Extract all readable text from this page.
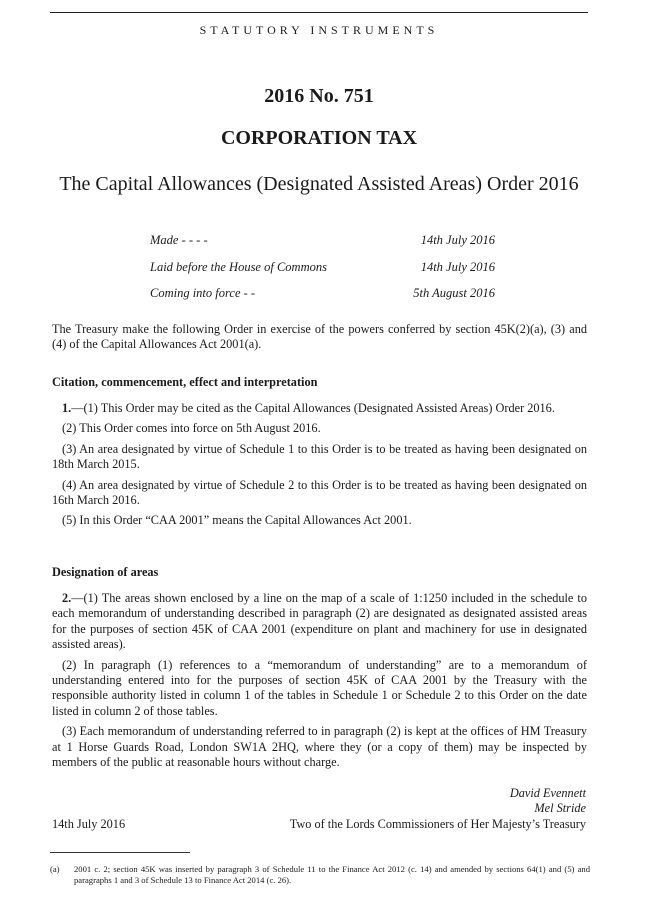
STATUTORY INSTRUMENTS
2016 No. 751
CORPORATION TAX
The Capital Allowances (Designated Assisted Areas) Order 2016
Made - - - -	14th July 2016
Laid before the House of Commons	14th July 2016
Coming into force - -	5th August 2016

The Treasury make the following Order in exercise of the powers conferred by section 45K(2)(a), (3) and (4) of the Capital Allowances Act 2001(a).

Citation, commencement, effect and interpretation

1.—(1) This Order may be cited as the Capital Allowances (Designated Assisted Areas) Order 2016.

(2) This Order comes into force on 5th August 2016.

(3) An area designated by virtue of Schedule 1 to this Order is to be treated as having been designated on 18th March 2015.

(4) An area designated by virtue of Schedule 2 to this Order is to be treated as having been designated on 16th March 2016.

(5) In this Order “CAA 2001” means the Capital Allowances Act 2001.

Designation of areas

2.—(1) The areas shown enclosed by a line on the map of a scale of 1:1250 included in the schedule to each memorandum of understanding described in paragraph (2) are designated as designated assisted areas for the purposes of section 45K of CAA 2001 (expenditure on plant and machinery for use in designated assisted areas).

(2) In paragraph (1) references to a “memorandum of understanding” are to a memorandum of understanding entered into for the purposes of section 45K of CAA 2001 by the Treasury with the responsible authority listed in column 1 of the tables in Schedule 1 or Schedule 2 to this Order on the date listed in column 2 of those tables.

(3) Each memorandum of understanding referred to in paragraph (2) is kept at the offices of HM Treasury at 1 Horse Guards Road, London SW1A 2HQ, where they (or a copy of them) may be inspected by members of the public at reasonable hours without charge.

David Evennett
Mel Stride
14th July 2016	Two of the Lords Commissioners of Her Majesty’s Treasury
(a)	2001 c. 2; section 45K was inserted by paragraph 3 of Schedule 11 to the Finance Act 2012 (c. 14) and amended by sections 64(1) and (5) and paragraphs 1 and 3 of Schedule 13 to Finance Act 2014 (c. 26).
